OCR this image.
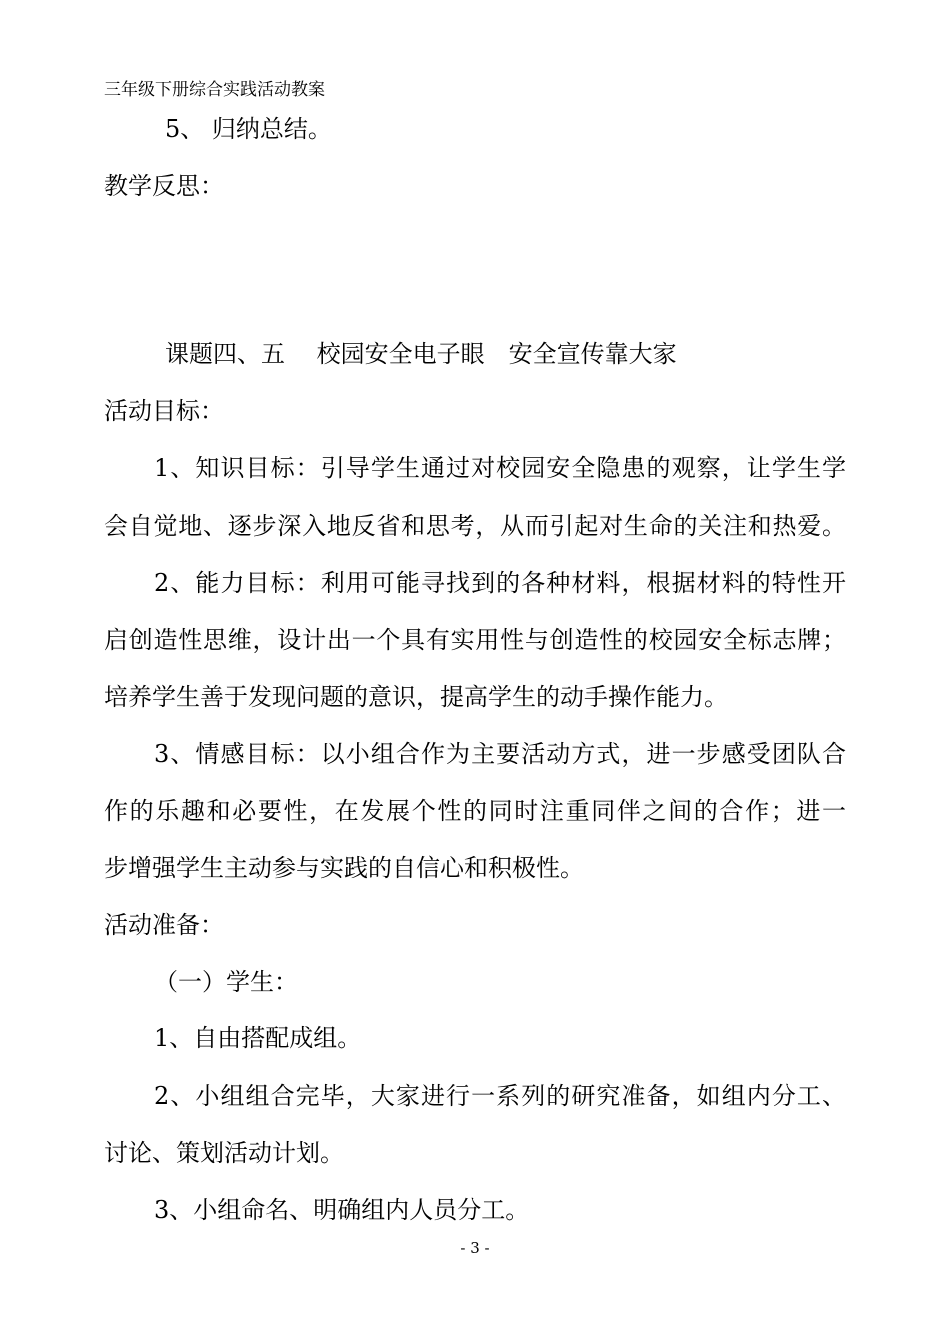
三年级下册综合实践活动教案
5、 归纳总结。
教学反思：
课题四、五　 校园安全电子眼　安全宣传靠大家
活动目标：
1、知识目标：引导学生通过对校园安全隐患的观察，让学生学
会自觉地、逐步深入地反省和思考，从而引起对生命的关注和热爱。
2、能力目标：利用可能寻找到的各种材料，根据材料的特性开
启创造性思维，设计出一个具有实用性与创造性的校园安全标志牌；
培养学生善于发现问题的意识，提高学生的动手操作能力。
3、情感目标：以小组合作为主要活动方式，进一步感受团队合
作的乐趣和必要性，在发展个性的同时注重同伴之间的合作；进一
步增强学生主动参与实践的自信心和积极性。
活动准备：
（一）学生：
1、自由搭配成组。
2、小组组合完毕，大家进行一系列的研究准备，如组内分工、
讨论、策划活动计划。
3、小组命名、明确组内人员分工。
- 3 -
